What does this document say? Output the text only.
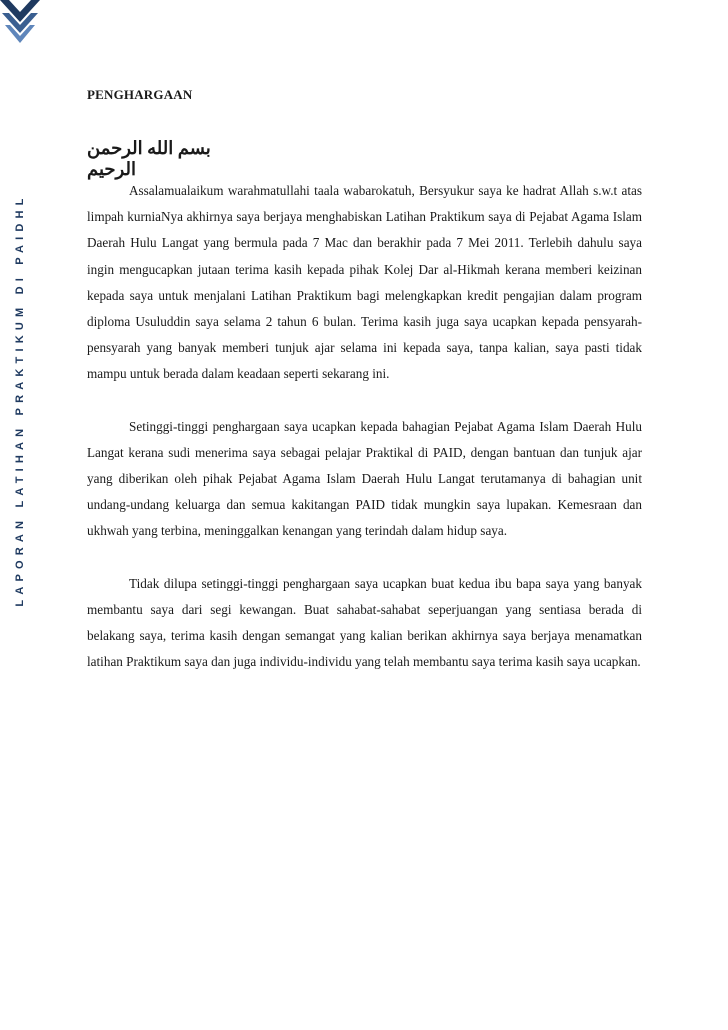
LAPORAN LATIHAN PRAKTIKUM DI PAIDHL
PENGHARGAAN
بسم الله الرحمن الرحيم

Assalamualaikum warahmatullahi taala wabarokatuh, Bersyukur saya ke hadrat Allah s.w.t atas limpah kurniaNya akhirnya saya berjaya menghabiskan Latihan Praktikum saya di Pejabat Agama Islam Daerah Hulu Langat yang bermula pada 7 Mac dan berakhir pada 7 Mei 2011. Terlebih dahulu saya ingin mengucapkan jutaan terima kasih kepada pihak Kolej Dar al-Hikmah kerana memberi keizinan kepada saya untuk menjalani Latihan Praktikum bagi melengkapkan kredit pengajian dalam program diploma Usuluddin saya selama 2 tahun 6 bulan. Terima kasih juga saya ucapkan kepada pensyarah-pensyarah yang banyak memberi tunjuk ajar selama ini kepada saya, tanpa kalian, saya pasti tidak mampu untuk berada dalam keadaan seperti sekarang ini.

Setinggi-tinggi penghargaan saya ucapkan kepada bahagian Pejabat Agama Islam Daerah Hulu Langat kerana sudi menerima saya sebagai pelajar Praktikal di PAID, dengan bantuan dan tunjuk ajar yang diberikan oleh pihak Pejabat Agama Islam Daerah Hulu Langat terutamanya di bahagian unit undang-undang keluarga dan semua kakitangan PAID tidak mungkin saya lupakan. Kemesraan dan ukhwah yang terbina, meninggalkan kenangan yang terindah dalam hidup saya.

Tidak dilupa setinggi-tinggi penghargaan saya ucapkan buat kedua ibu bapa saya yang banyak membantu saya dari segi kewangan. Buat sahabat-sahabat seperjuangan yang sentiasa berada di belakang saya, terima kasih dengan semangat yang kalian berikan akhirnya saya berjaya menamatkan latihan Praktikum saya dan juga individu-individu yang telah membantu saya terima kasih saya ucapkan.
